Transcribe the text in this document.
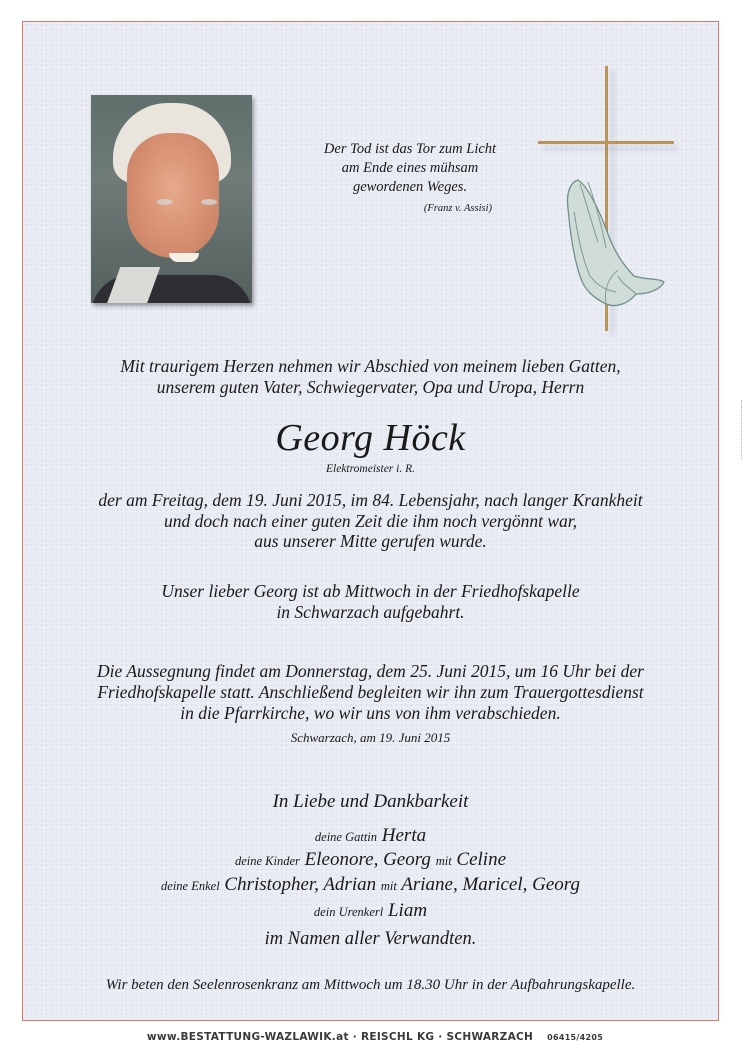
Der Tod ist das Tor zum Licht
am Ende eines mühsam
gewordenen Weges.
(Franz v. Assisi)
Mit traurigem Herzen nehmen wir Abschied von meinem lieben Gatten,
unserem guten Vater, Schwiegervater, Opa und Uropa, Herrn
Georg Höck
Elektromeister i. R.
der am Freitag, dem 19. Juni 2015, im 84. Lebensjahr, nach langer Krankheit
und doch nach einer guten Zeit die ihm noch vergönnt war,
aus unserer Mitte gerufen wurde.
Unser lieber Georg ist ab Mittwoch in der Friedhofskapelle
in Schwarzach aufgebahrt.
Die Aussegnung findet am Donnerstag, dem 25. Juni 2015, um 16 Uhr bei der
Friedhofskapelle statt. Anschließend begleiten wir ihn zum Trauergottesdienst
in die Pfarrkirche, wo wir uns von ihm verabschieden.
Schwarzach, am 19. Juni 2015
In Liebe und Dankbarkeit
deine Gattin Herta
deine Kinder Eleonore, Georg mit Celine
deine Enkel Christopher, Adrian mit Ariane, Maricel, Georg
dein Urenkerl Liam
im Namen aller Verwandten.
Wir beten den Seelenrosenkranz am Mittwoch um 18.30 Uhr in der Aufbahrungskapelle.
www.BESTATTUNG-WAZLAWIK.at · REISCHL KG · SCHWARZACH 06415/4205
